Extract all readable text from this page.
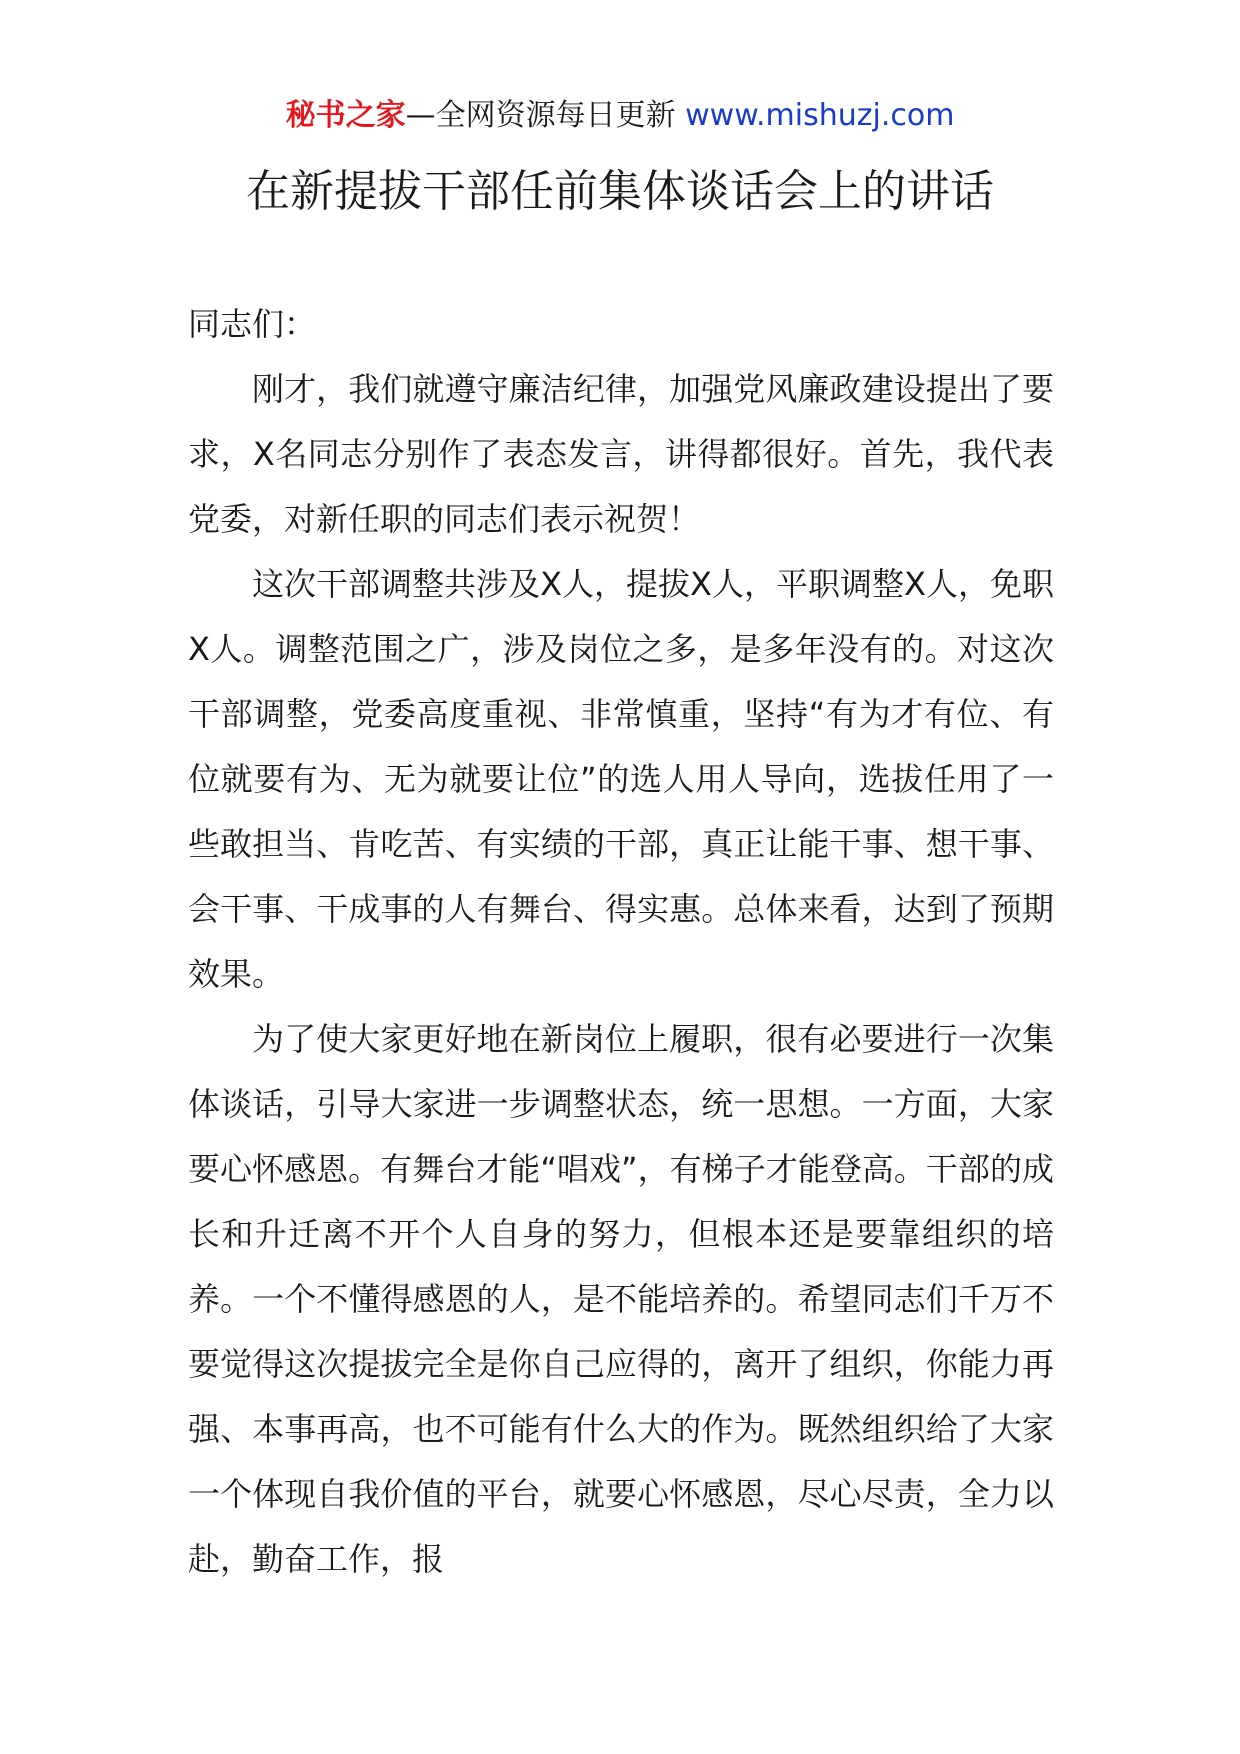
秘书之家—全网资源每日更新 www.mishuzj.com
在新提拔干部任前集体谈话会上的讲话

同志们：

刚才，我们就遵守廉洁纪律，加强党风廉政建设提出了要求，X名同志分别作了表态发言，讲得都很好。首先，我代表党委，对新任职的同志们表示祝贺！

这次干部调整共涉及X人，提拔X人，平职调整X人，免职X人。调整范围之广，涉及岗位之多，是多年没有的。对这次干部调整，党委高度重视、非常慎重，坚持“有为才有位、有位就要有为、无为就要让位”的选人用人导向，选拔任用了一些敢担当、肯吃苦、有实绩的干部，真正让能干事、想干事、会干事、干成事的人有舞台、得实惠。总体来看，达到了预期效果。

为了使大家更好地在新岗位上履职，很有必要进行一次集体谈话，引导大家进一步调整状态，统一思想。一方面，大家要心怀感恩。有舞台才能“唱戏”，有梯子才能登高。干部的成长和升迁离不开个人自身的努力，但根本还是要靠组织的培养。一个不懂得感恩的人，是不能培养的。希望同志们千万不要觉得这次提拔完全是你自己应得的，离开了组织，你能力再强、本事再高，也不可能有什么大的作为。既然组织给了大家一个体现自我价值的平台，就要心怀感恩，尽心尽责，全力以赴，勤奋工作，报
